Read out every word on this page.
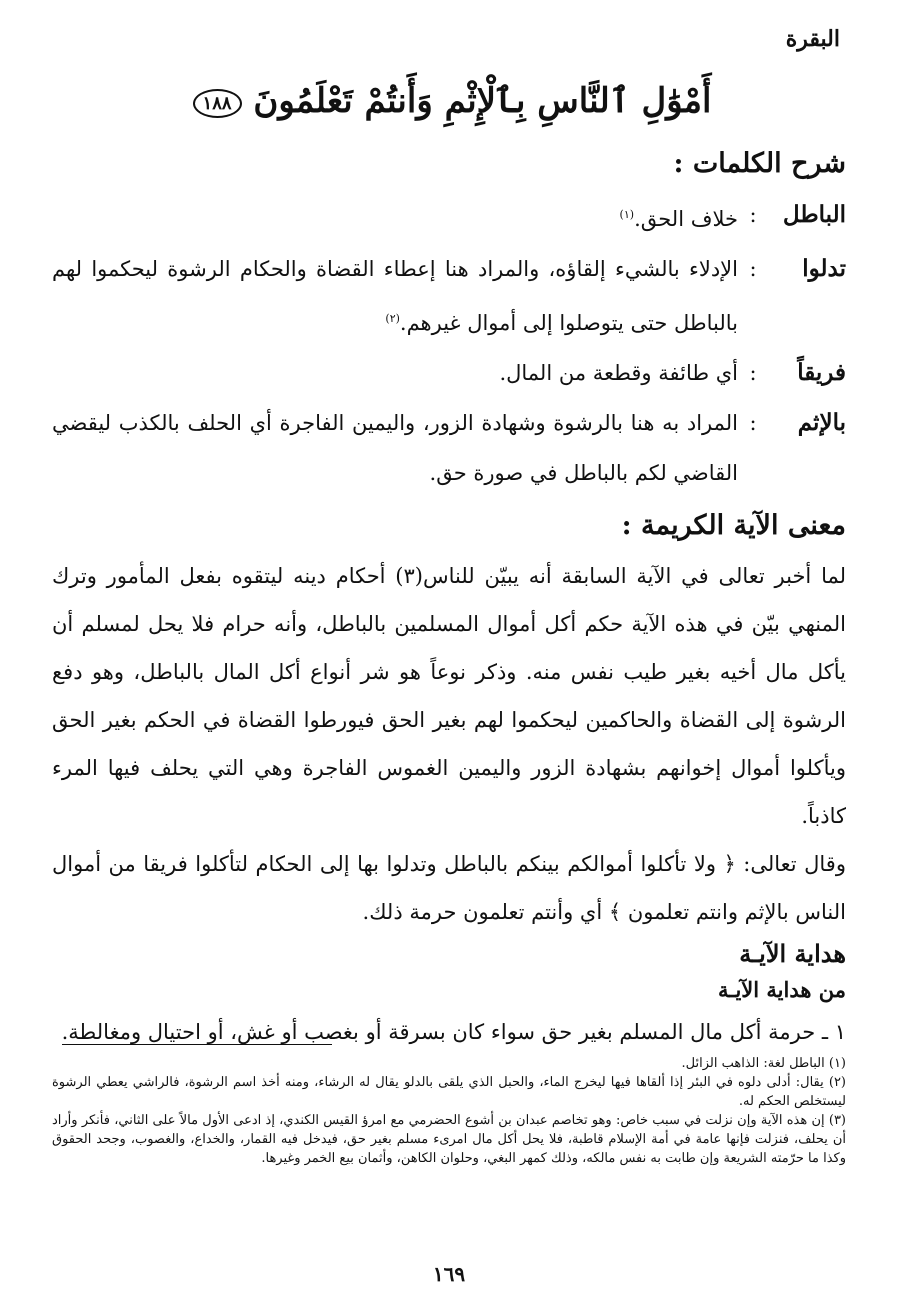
البقرة
أَمْوَٰلِ ٱلنَّاسِ بِٱلْإِثْمِ وَأَنتُمْ تَعْلَمُونَ ١٨٨
شرح الكلمات :
الباطل
:
خلاف الحق.$^{(١)}$
تدلوا
:
الإدلاء بالشيء إلقاؤه، والمراد هنا إعطاء القضاة والحكام الرشوة ليحكموا لهم بالباطل حتى يتوصلوا إلى أموال غيرهم.$^{(٢)}$
فريقاً
:
أي طائفة وقطعة من المال.
بالإثم
:
المراد به هنا بالرشوة وشهادة الزور، واليمين الفاجرة أي الحلف بالكذب ليقضي القاضي لكم بالباطل في صورة حق.
معنى الآية الكريمة :

لما أخبر تعالى في الآية السابقة أنه يبيّن للناس(٣) أحكام دينه ليتقوه بفعل المأمور وترك المنهي بيّن في هذه الآية حكم أكل أموال المسلمين بالباطل، وأنه حرام فلا يحل لمسلم أن يأكل مال أخيه بغير طيب نفس منه. وذكر نوعاً هو شر أنواع أكل المال بالباطل، وهو دفع الرشوة إلى القضاة والحاكمين ليحكموا لهم بغير الحق فيورطوا القضاة في الحكم بغير الحق ويأكلوا أموال إخوانهم بشهادة الزور واليمين الغموس الفاجرة وهي التي يحلف فيها المرء كاذباً.

وقال تعالى: ﴿ ولا تأكلوا أموالكم بينكم بالباطل وتدلوا بها إلى الحكام لتأكلوا فريقا من أموال الناس بالإثم وانتم تعلمون ﴾ أي وأنتم تعلمون حرمة ذلك.

هداية الآيـة
من هداية الآيـة

١ ـ حرمة أكل مال المسلم بغير حق سواء كان بسرقة أو بغصب أو غش، أو احتيال ومغالطة.

(١) الباطل لغة: الذاهب الزائل.

(٢) يقال: أدلى دلوه في البئر إذا ألقاها فيها ليخرج الماء، والحبل الذي يلقى بالدلو يقال له الرشاء، ومنه أخذ اسم الرشوة، فالراشي يعطي الرشوة ليستخلص الحكم له.

(٣) إن هذه الآية وإن نزلت في سبب خاص: وهو تخاصم عبدان بن أشوع الحضرمي مع امرؤ القيس الكندي، إذ ادعى الأول مالاً على الثاني، فأنكر وأراد أن يحلف، فنزلت فإنها عامة في أمة الإسلام قاطبة، فلا يحل أكل مال امرىء مسلم بغير حق، فيدخل فيه القمار، والخداع، والغصوب، وجحد الحقوق وكذا ما حرّمته الشريعة وإن طابت به نفس مالكه، وذلك كمهر البغي، وحلوان الكاهن، وأثمان بيع الخمر وغيرها.

١٦٩
